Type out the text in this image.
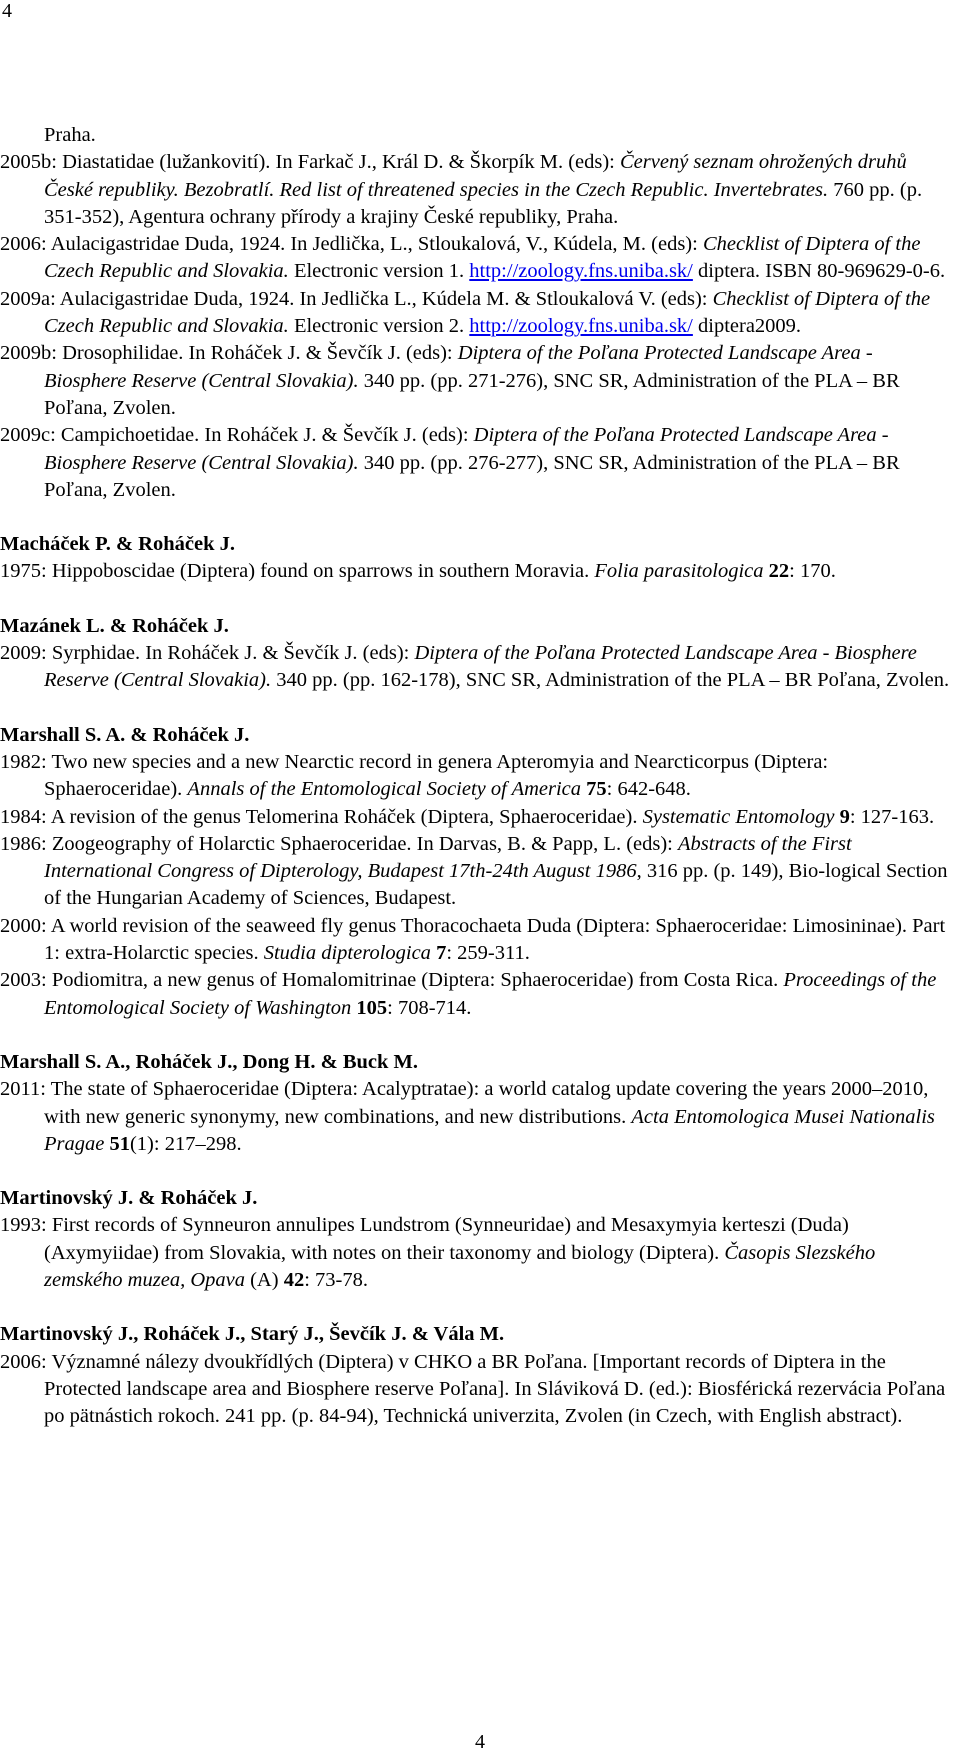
4

Praha.

2005b: Diastatidae (lužankovití). In Farkač J., Král D. & Škorpík M. (eds): Červený seznam ohrožených druhů České republiky. Bezobratlí. Red list of threatened species in the Czech Republic. Invertebrates. 760 pp. (p. 351-352), Agentura ochrany přírody a krajiny České republiky, Praha.

2006: Aulacigastridae Duda, 1924. In Jedlička, L., Stloukalová, V., Kúdela, M. (eds): Checklist of Diptera of the Czech Republic and Slovakia. Electronic version 1. http://zoology.fns.uniba.sk/ diptera. ISBN 80-969629-0-6.

2009a: Aulacigastridae Duda, 1924. In Jedlička L., Kúdela M. & Stloukalová V. (eds): Checklist of Diptera of the Czech Republic and Slovakia. Electronic version 2. http://zoology.fns.uniba.sk/ diptera2009.

2009b: Drosophilidae. In Roháček J. & Ševčík J. (eds): Diptera of the Poľana Protected Landscape Area - Biosphere Reserve (Central Slovakia). 340 pp. (pp. 271-276), SNC SR, Administration of the PLA – BR Poľana, Zvolen.

2009c: Campichoetidae. In Roháček J. & Ševčík J. (eds): Diptera of the Poľana Protected Landscape Area - Biosphere Reserve (Central Slovakia). 340 pp. (pp. 276-277), SNC SR, Administration of the PLA – BR Poľana, Zvolen.

Macháček P. & Roháček J.

1975: Hippoboscidae (Diptera) found on sparrows in southern Moravia. Folia parasitologica 22: 170.

Mazánek L. & Roháček J.

2009: Syrphidae. In Roháček J. & Ševčík J. (eds): Diptera of the Poľana Protected Landscape Area - Biosphere Reserve (Central Slovakia). 340 pp. (pp. 162-178), SNC SR, Administration of the PLA – BR Poľana, Zvolen.

Marshall S. A. & Roháček J.

1982: Two new species and a new Nearctic record in genera Apteromyia and Nearcticorpus (Diptera: Sphaeroceridae). Annals of the Entomological Society of America 75: 642-648.

1984: A revision of the genus Telomerina Roháček (Diptera, Sphaeroceridae). Systematic Entomology 9: 127-163.

1986: Zoogeography of Holarctic Sphaeroceridae. In Darvas, B. & Papp, L. (eds): Abstracts of the First International Congress of Dipterology, Budapest 17th-24th August 1986, 316 pp. (p. 149), Bio-logical Section of the Hungarian Academy of Sciences, Budapest.

2000: A world revision of the seaweed fly genus Thoracochaeta Duda (Diptera: Sphaeroceridae: Limosininae). Part 1: extra-Holarctic species. Studia dipterologica 7: 259-311.

2003: Podiomitra, a new genus of Homalomitrinae (Diptera: Sphaeroceridae) from Costa Rica. Proceedings of the Entomological Society of Washington 105: 708-714.

Marshall S. A., Roháček J., Dong H. & Buck M.

2011: The state of Sphaeroceridae (Diptera: Acalyptratae): a world catalog update covering the years 2000–2010, with new generic synonymy, new combinations, and new distributions. Acta Entomologica Musei Nationalis Pragae 51(1): 217–298.

Martinovský J. & Roháček J.

1993: First records of Synneuron annulipes Lundstrom (Synneuridae) and Mesaxymyia kerteszi (Duda) (Axymyiidae) from Slovakia, with notes on their taxonomy and biology (Diptera). Časopis Slezského zemského muzea, Opava (A) 42: 73-78.

Martinovský J., Roháček J., Starý J., Ševčík J. & Vála M.

2006: Významné nálezy dvoukřídlých (Diptera) v CHKO a BR Poľana. [Important records of Diptera in the Protected landscape area and Biosphere reserve Poľana]. In Sláviková D. (ed.): Biosférická rezervácia Poľana po pätnástich rokoch. 241 pp. (p. 84-94), Technická univerzita, Zvolen (in Czech, with English abstract).

4
